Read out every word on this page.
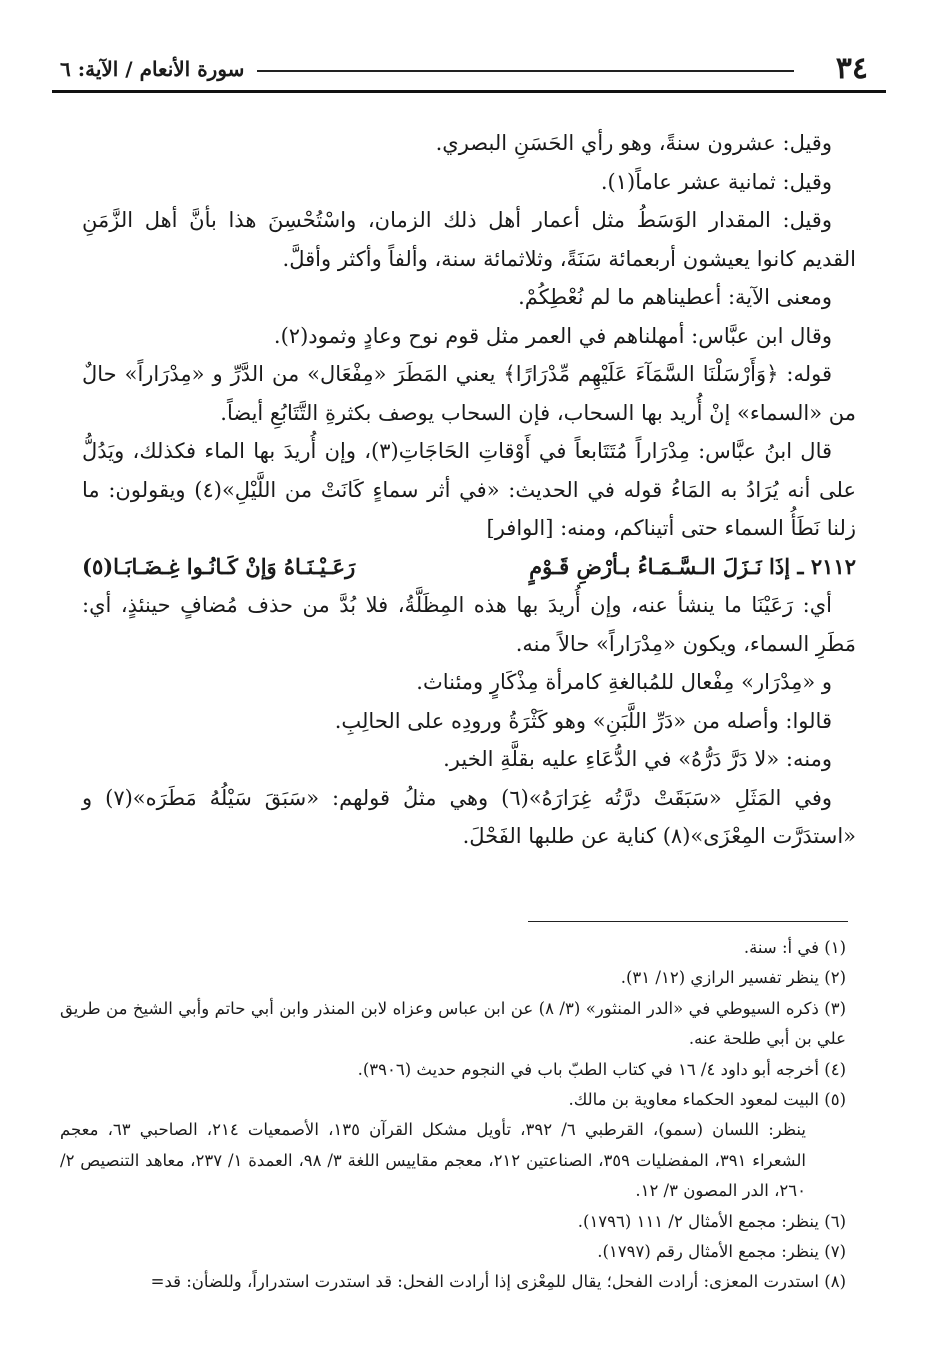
٣٤
سورة الأنعام / الآية: ٦

وقيل: عشرون سنةً، وهو رأي الحَسَنِ البصري.

وقيل: ثمانية عشر عاماً(١).

وقيل: المقدار الوَسَطُ مثل أعمار أهل ذلك الزمان، واسْتُحْسِنَ هذا بأنَّ أهل الزَّمَنِ القديم كانوا يعيشون أربعمائة سَنَةً، وثلاثمائة سنة، وألفاً وأكثر وأقلَّ.

ومعنى الآية: أعطيناهم ما لم نُعْطِكُمْ.

وقال ابن عبَّاس: أمهلناهم في العمر مثل قوم نوح وعادٍ وثمود(٢).

قوله: ﴿وَأَرْسَلْنَا السَّمَآءَ عَلَيْهِم مِّدْرَارًا﴾ يعني المَطَرَ «مِفْعَال» من الدَّرِّ و «مِدْرَاراً» حالٌ من «السماء» إنْ أُريد بها السحاب، فإن السحاب يوصف بكثرةِ التَّتَابُعِ أيضاً.

قال ابنُ عبَّاس: مِدْرَاراً مُتَتَابعاً في أَوْقاتِ الحَاجَاتِ(٣)، وإن أُريدَ بها الماء فكذلك، ويَدُلُّ على أنه يُرَادُ به المَاءُ قوله في الحديث: «في أثر سماءٍ كَانَتْ من اللَّيْلِ»(٤) ويقولون: ما زلنا نَطَأُ السماء حتى أتيناكم، ومنه: [الوافر]

٢١١٢ ـ إذَا نَـزَلَ الـسَّـمَـاءُ بـأرْضِ قَـوْمٍ
رَعَـيْـنَـاهُ وَإنْ كَـانُـوا غِـضَـابَـا(٥)

أي: رَعَيْنَا ما ينشأ عنه، وإن أُريدَ بها هذه المِظَلَّةُ، فلا بُدَّ من حذف مُضافٍ حينئذٍ، أي: مَطَرِ السماء، ويكون «مِدْرَاراً» حالاً منه.

و «مِدْرَار» مِفْعال للمُبالغةِ كامرأة مِذْكَارٍ ومئناث.

قالوا: وأصله من «دَرِّ اللَّبَنِ» وهو كَثْرَةُ ورودِه على الحالِبِ.

ومنه: «لا دَرَّ دَرُّهُ» في الدُّعَاءِ عليه بقلَّةِ الخير.

وفي المَثَلِ «سَبَقَتْ درَّتُه غِرَارَهُ»(٦) وهي مثلُ قولهم: «سَبَقَ سَيْلُهُ مَطَرَه»(٧) و «استدَرَّت المِعْزَى»(٨) كناية عن طلبها الفَحْلَ.

(١) في أ: سنة.

(٢) ينظر تفسير الرازي (١٢/ ٣١).

(٣) ذكره السيوطي في «الدر المنثور» (٣/ ٨) عن ابن عباس وعزاه لابن المنذر وابن أبي حاتم وأبي الشيخ من طريق علي بن أبي طلحة عنه.

(٤) أخرجه أبو داود ٤/ ١٦ في كتاب الطبّ باب في النجوم حديث (٣٩٠٦).

(٥) البيت لمعود الحكماء معاوية بن مالك.

ينظر: اللسان (سمو)، القرطبي ٦/ ٣٩٢، تأويل مشكل القرآن ١٣٥، الأصمعيات ٢١٤، الصاحبي ٦٣، معجم الشعراء ٣٩١، المفضليات ٣٥٩، الصناعتين ٢١٢، معجم مقاييس اللغة ٣/ ٩٨، العمدة ١/ ٢٣٧، معاهد التنصيص ٢/ ٢٦٠، الدر المصون ٣/ ١٢.

(٦) ينظر: مجمع الأمثال ٢/ ١١١ (١٧٩٦).

(٧) ينظر: مجمع الأمثال رقم (١٧٩٧).

(٨) استدرت المعزى: أرادت الفحل؛ يقال للمِعْزى إذا أرادت الفحل: قد استدرت استدراراً، وللضأن: قد=
